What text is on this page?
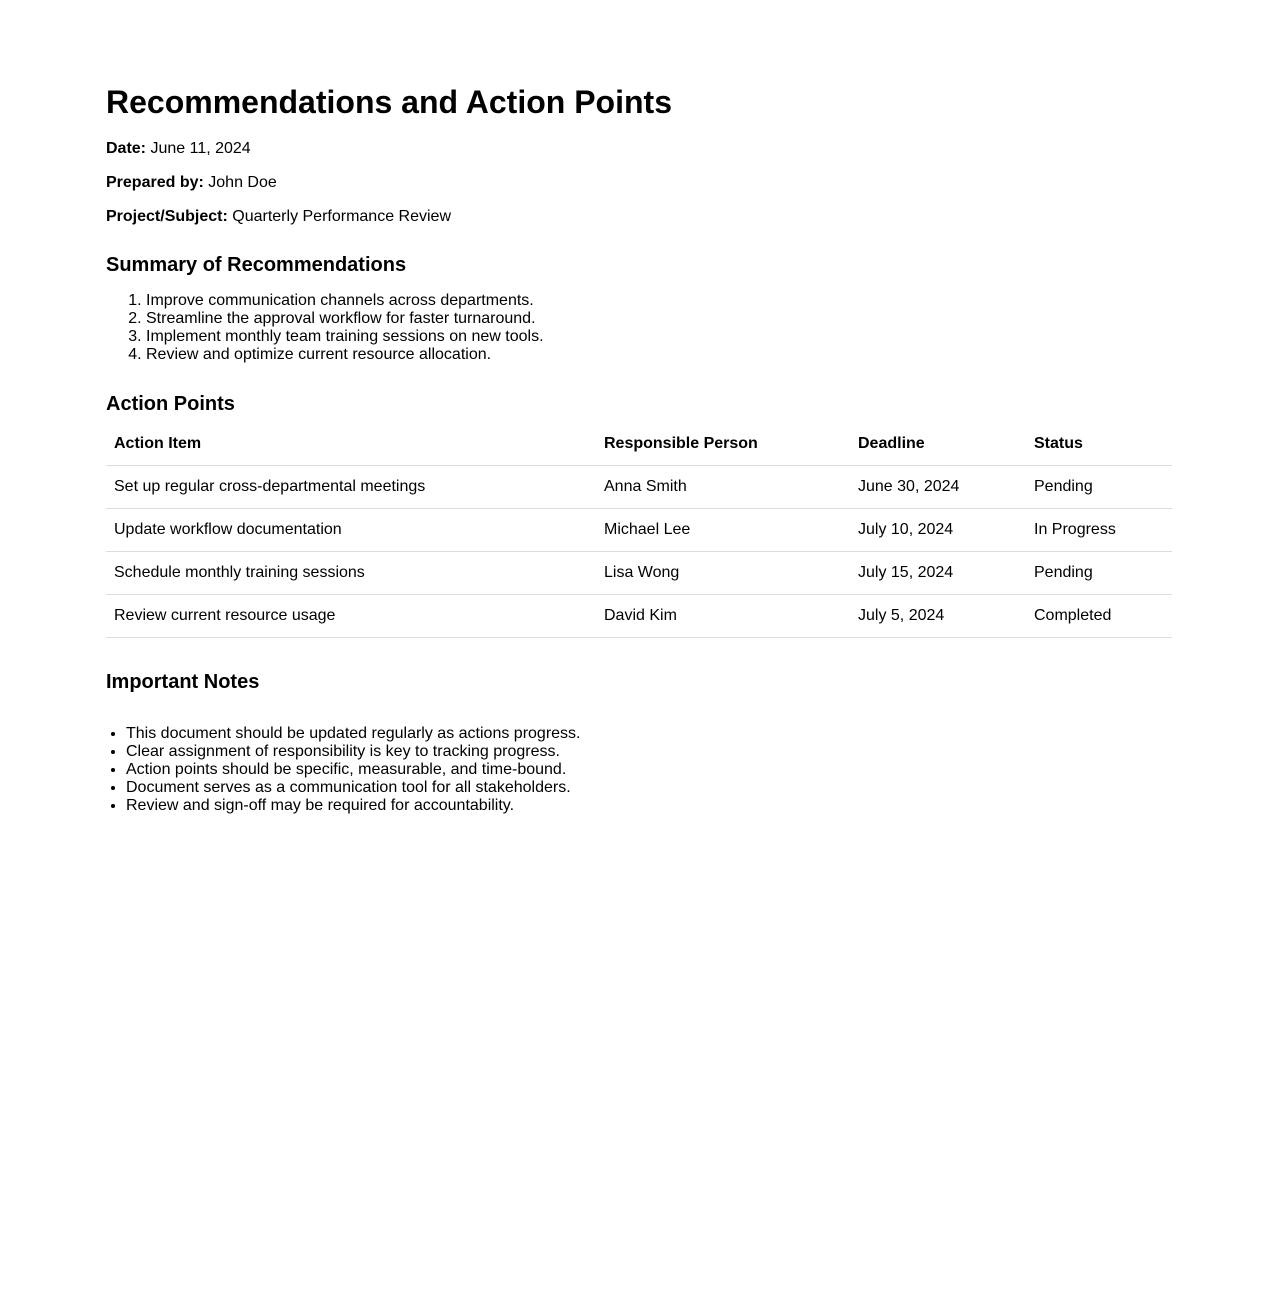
Recommendations and Action Points

Date: June 11, 2024

Prepared by: John Doe

Project/Subject: Quarterly Performance Review

Summary of Recommendations
1. Improve communication channels across departments.
2. Streamline the approval workflow for faster turnaround.
3. Implement monthly team training sessions on new tools.
4. Review and optimize current resource allocation.
Action Points
Action Item	Responsible Person	Deadline	Status
Set up regular cross-departmental meetings	Anna Smith	June 30, 2024	Pending
Update workflow documentation	Michael Lee	July 10, 2024	In Progress
Schedule monthly training sessions	Lisa Wong	July 15, 2024	Pending
Review current resource usage	David Kim	July 5, 2024	Completed
Important Notes
• This document should be updated regularly as actions progress.
• Clear assignment of responsibility is key to tracking progress.
• Action points should be specific, measurable, and time-bound.
• Document serves as a communication tool for all stakeholders.
• Review and sign-off may be required for accountability.
